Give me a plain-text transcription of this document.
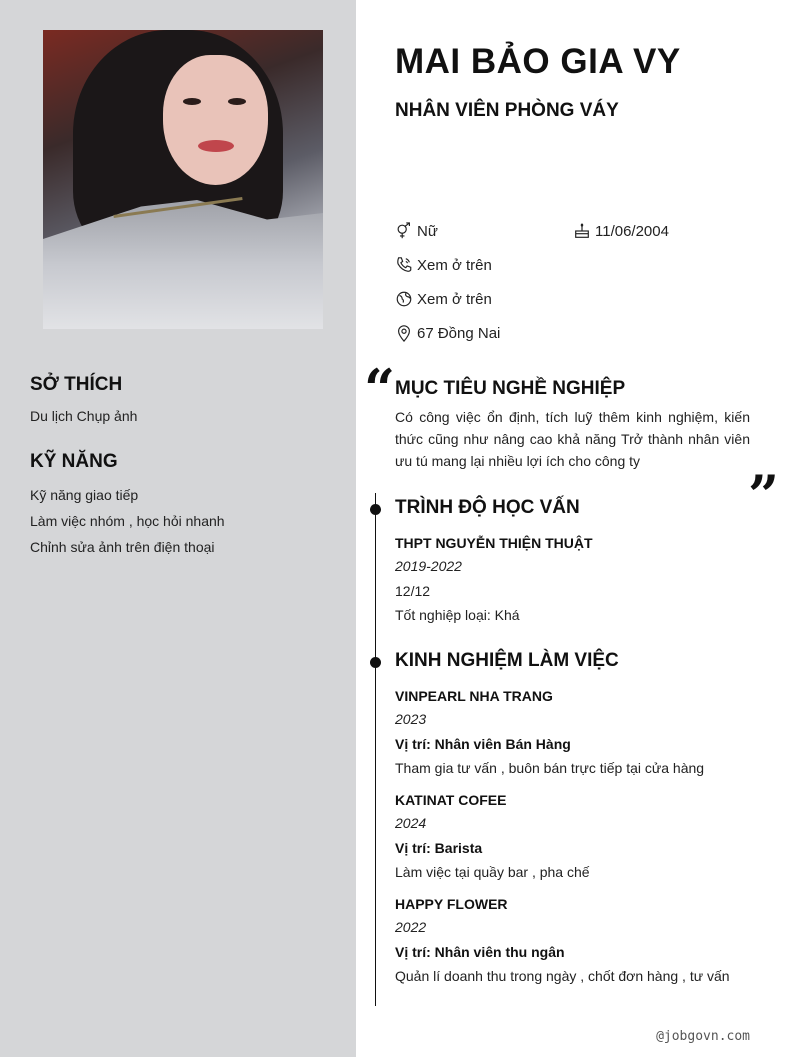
SỞ THÍCH
Du lịch Chụp ảnh
KỸ NĂNG
Kỹ năng giao tiếp
Làm việc nhóm , học hỏi nhanh
Chỉnh sửa ảnh trên điện thoại
MAI BẢO GIA VY
NHÂN VIÊN PHÒNG VÁY
Nữ	11/06/2004
Xem ở trên
Xem ở trên
67 Đồng Nai
“ MỤC TIÊU NGHỀ NGHIỆP
Có công việc ổn định, tích luỹ thêm kinh nghiệm, kiến thức cũng như nâng cao khả năng Trở thành nhân viên ưu tú mang lại nhiều lợi ích cho công ty
”
TRÌNH ĐỘ HỌC VẤN
THPT NGUYỄN THIỆN THUẬT
2019-2022
12/12
Tốt nghiệp loại: Khá
KINH NGHIỆM LÀM VIỆC
VINPEARL NHA TRANG
2023
Vị trí: Nhân viên Bán Hàng
Tham gia tư vấn , buôn bán trực tiếp tại cửa hàng
KATINAT COFEE
2024
Vị trí: Barista
Làm việc tại quầy bar , pha chế
HAPPY FLOWER
2022
Vị trí: Nhân viên thu ngân
Quản lí doanh thu trong ngày , chốt đơn hàng , tư vấn
@jobgovn.com
